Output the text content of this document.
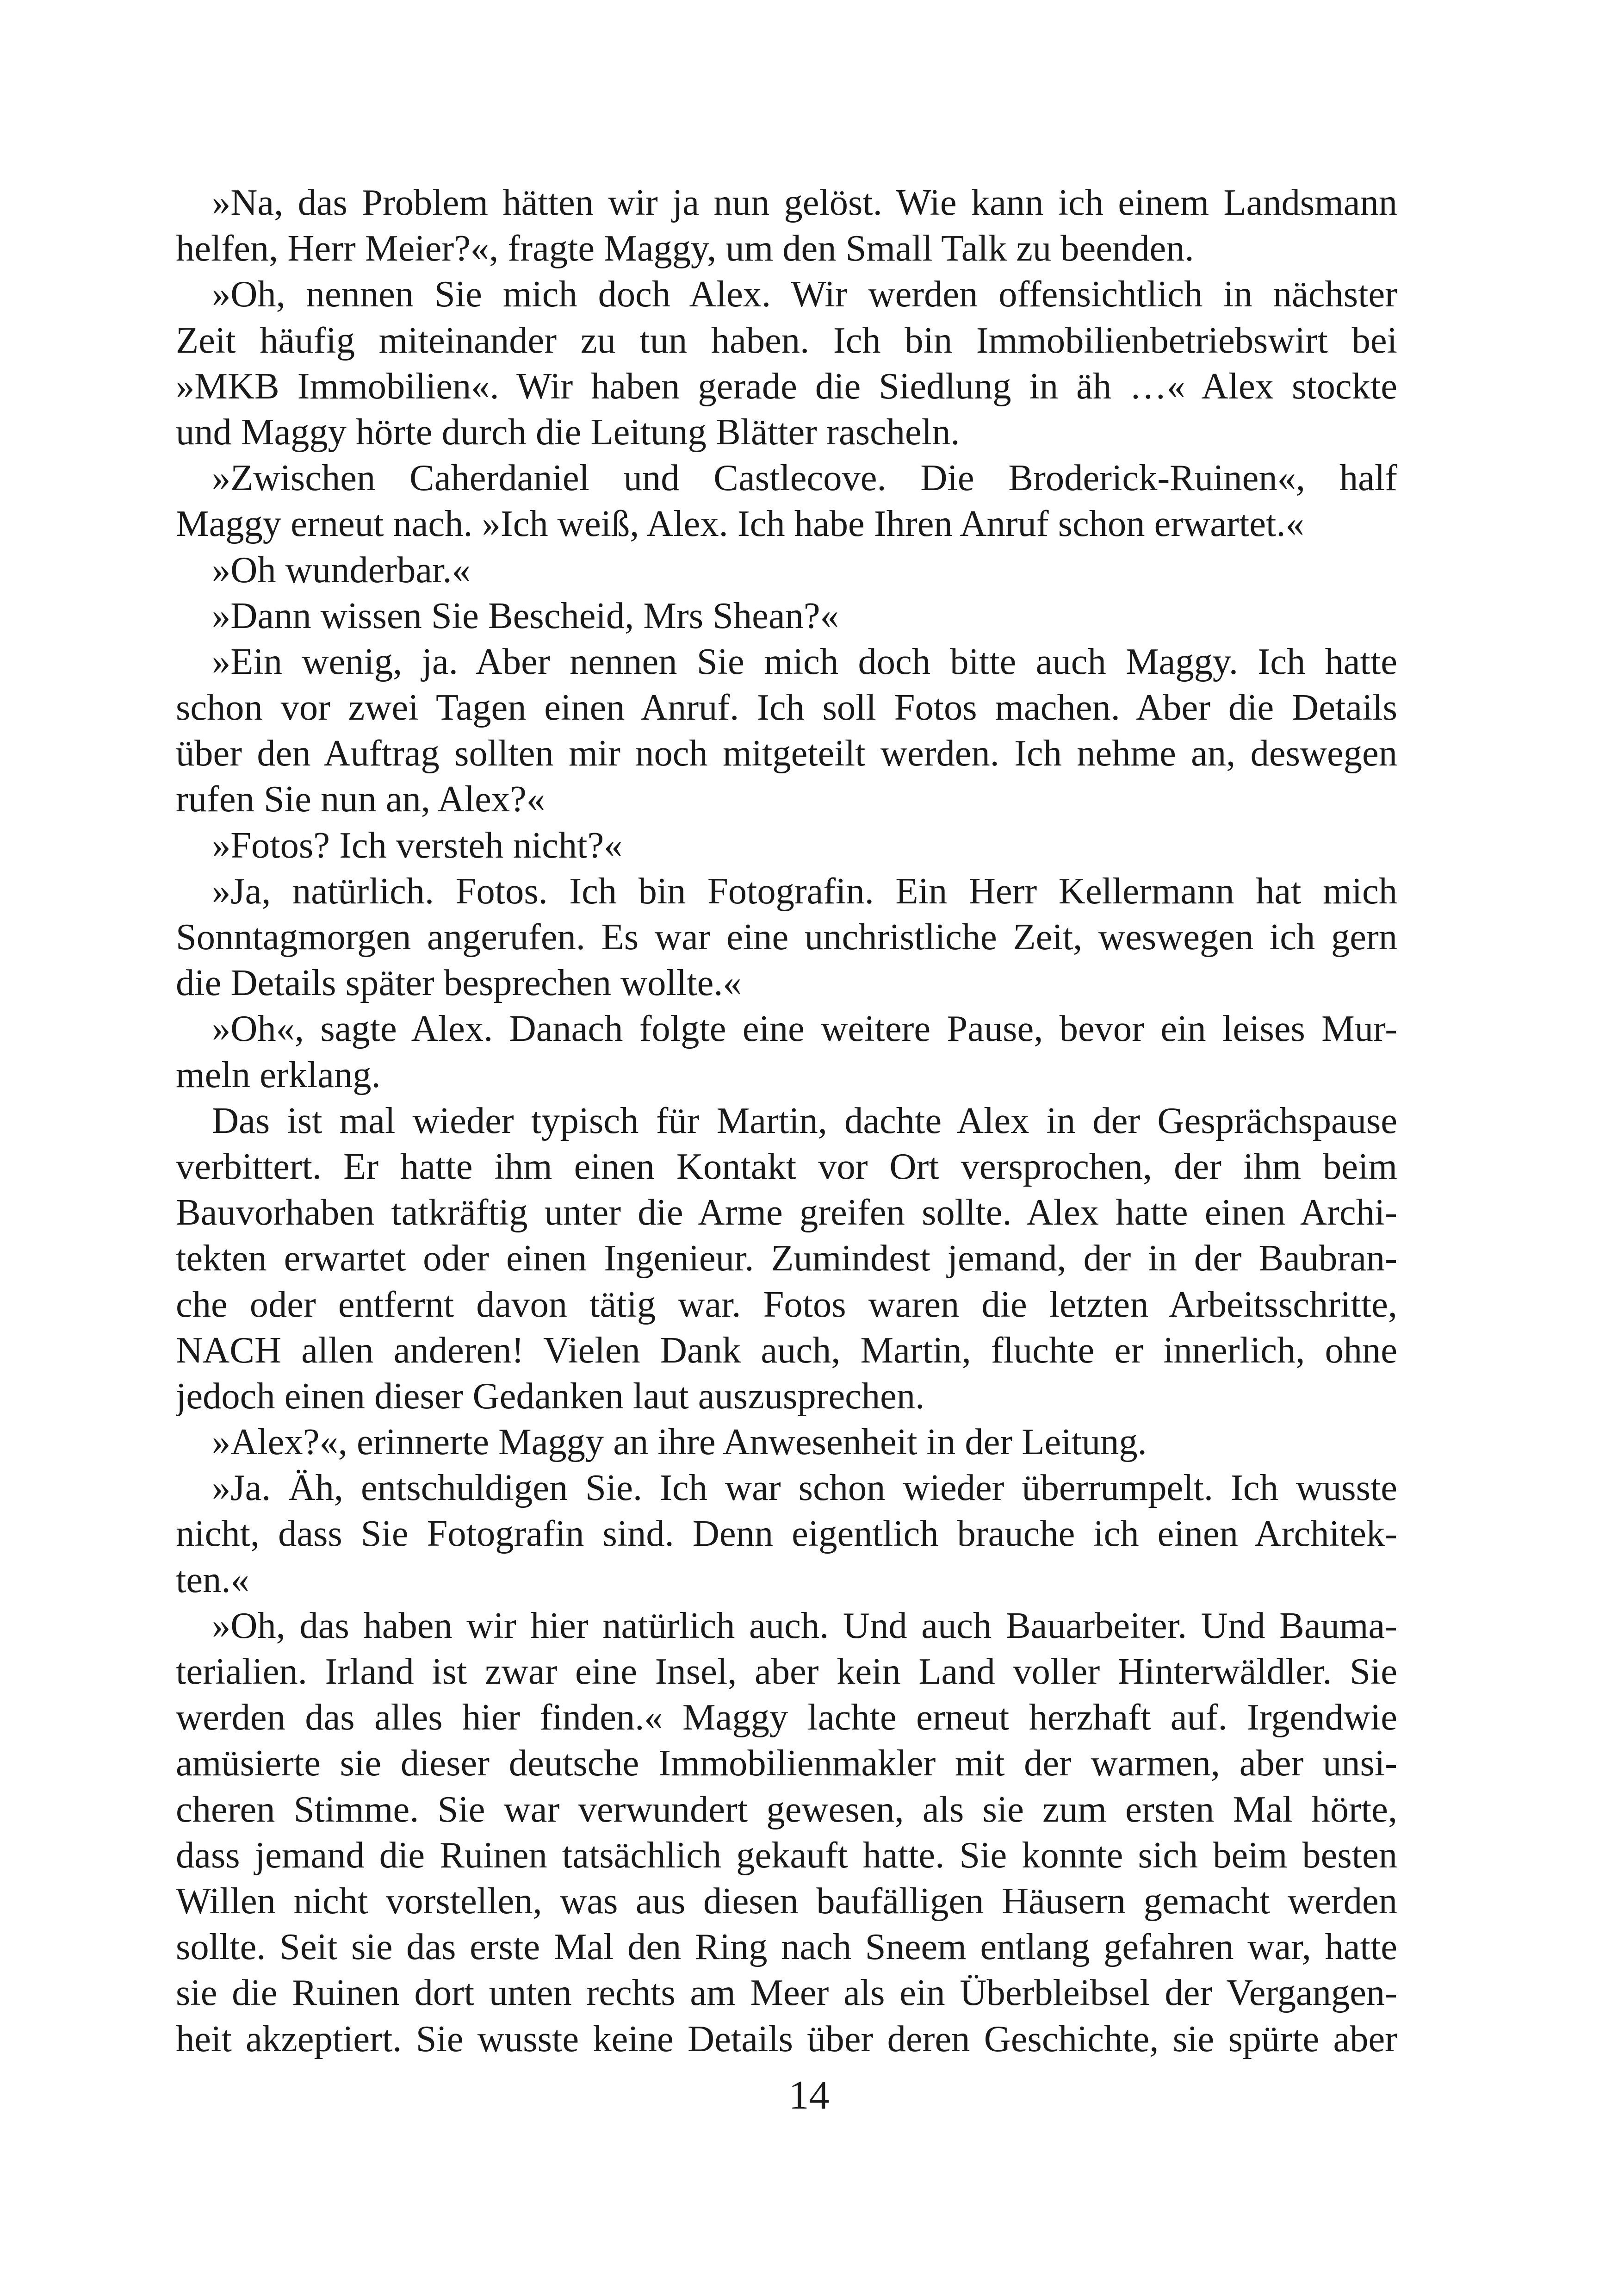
»Na, das Problem hätten wir ja nun gelöst. Wie kann ich einem Landsmann
helfen, Herr Meier?«, fragte Maggy, um den Small Talk zu beenden.
»Oh, nennen Sie mich doch Alex. Wir werden offensichtlich in nächster
Zeit häufig miteinander zu tun haben. Ich bin Immobilienbetriebswirt bei
»MKB Immobilien«. Wir haben gerade die Siedlung in äh …« Alex stockte
und Maggy hörte durch die Leitung Blätter rascheln.
»Zwischen Caherdaniel und Castlecove. Die Broderick-Ruinen«, half
Maggy erneut nach. »Ich weiß, Alex. Ich habe Ihren Anruf schon erwartet.«
»Oh wunderbar.«
»Dann wissen Sie Bescheid, Mrs Shean?«
»Ein wenig, ja. Aber nennen Sie mich doch bitte auch Maggy. Ich hatte
schon vor zwei Tagen einen Anruf. Ich soll Fotos machen. Aber die Details
über den Auftrag sollten mir noch mitgeteilt werden. Ich nehme an, deswegen
rufen Sie nun an, Alex?«
»Fotos? Ich versteh nicht?«
»Ja, natürlich. Fotos. Ich bin Fotografin. Ein Herr Kellermann hat mich
Sonntagmorgen angerufen. Es war eine unchristliche Zeit, weswegen ich gern
die Details später besprechen wollte.«
»Oh«, sagte Alex. Danach folgte eine weitere Pause, bevor ein leises Mur-
meln erklang.
Das ist mal wieder typisch für Martin, dachte Alex in der Gesprächspause
verbittert. Er hatte ihm einen Kontakt vor Ort versprochen, der ihm beim
Bauvorhaben tatkräftig unter die Arme greifen sollte. Alex hatte einen Archi-
tekten erwartet oder einen Ingenieur. Zumindest jemand, der in der Baubran-
che oder entfernt davon tätig war. Fotos waren die letzten Arbeitsschritte,
NACH allen anderen! Vielen Dank auch, Martin, fluchte er innerlich, ohne
jedoch einen dieser Gedanken laut auszusprechen.
»Alex?«, erinnerte Maggy an ihre Anwesenheit in der Leitung.
»Ja. Äh, entschuldigen Sie. Ich war schon wieder überrumpelt. Ich wusste
nicht, dass Sie Fotografin sind. Denn eigentlich brauche ich einen Architek-
ten.«
»Oh, das haben wir hier natürlich auch. Und auch Bauarbeiter. Und Bauma-
terialien. Irland ist zwar eine Insel, aber kein Land voller Hinterwäldler. Sie
werden das alles hier finden.« Maggy lachte erneut herzhaft auf. Irgendwie
amüsierte sie dieser deutsche Immobilienmakler mit der warmen, aber unsi-
cheren Stimme. Sie war verwundert gewesen, als sie zum ersten Mal hörte,
dass jemand die Ruinen tatsächlich gekauft hatte. Sie konnte sich beim besten
Willen nicht vorstellen, was aus diesen baufälligen Häusern gemacht werden
sollte. Seit sie das erste Mal den Ring nach Sneem entlang gefahren war, hatte
sie die Ruinen dort unten rechts am Meer als ein Überbleibsel der Vergangen-
heit akzeptiert. Sie wusste keine Details über deren Geschichte, sie spürte aber
14
